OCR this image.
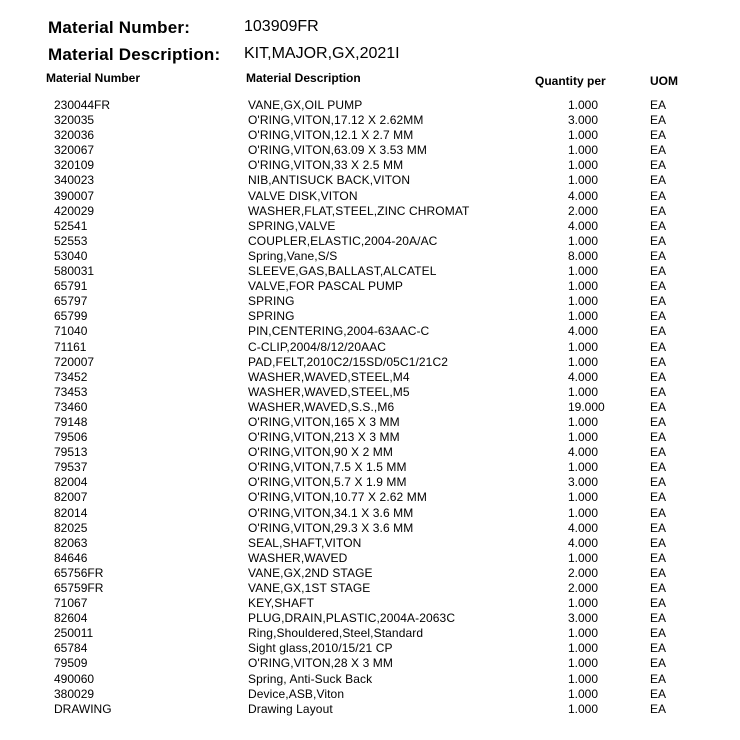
Material Number:	103909FR
Material Description: KIT,MAJOR,GX,2021I
Material Number	Material Description	Quantity per	UOM
230044FR	VANE,GX,OIL PUMP	1.000	EA
320035	O'RING,VITON,17.12 X 2.62MM	3.000	EA
320036	O'RING,VITON,12.1 X 2.7 MM	1.000	EA
320067	O'RING,VITON,63.09 X 3.53 MM	1.000	EA
320109	O'RING,VITON,33 X 2.5 MM	1.000	EA
340023	NIB,ANTISUCK BACK,VITON	1.000	EA
390007	VALVE DISK,VITON	4.000	EA
420029	WASHER,FLAT,STEEL,ZINC CHROMAT	2.000	EA
52541	SPRING,VALVE	4.000	EA
52553	COUPLER,ELASTIC,2004-20A/AC	1.000	EA
53040	Spring,Vane,S/S	8.000	EA
580031	SLEEVE,GAS,BALLAST,ALCATEL	1.000	EA
65791	VALVE,FOR PASCAL PUMP	1.000	EA
65797	SPRING	1.000	EA
65799	SPRING	1.000	EA
71040	PIN,CENTERING,2004-63AAC-C	4.000	EA
71161	C-CLIP,2004/8/12/20AAC	1.000	EA
720007	PAD,FELT,2010C2/15SD/05C1/21C2	1.000	EA
73452	WASHER,WAVED,STEEL,M4	4.000	EA
73453	WASHER,WAVED,STEEL,M5	1.000	EA
73460	WASHER,WAVED,S.S.,M6	19.000	EA
79148	O'RING,VITON,165 X 3 MM	1.000	EA
79506	O'RING,VITON,213 X 3 MM	1.000	EA
79513	O'RING,VITON,90 X 2 MM	4.000	EA
79537	O'RING,VITON,7.5 X 1.5 MM	1.000	EA
82004	O'RING,VITON,5.7 X 1.9 MM	3.000	EA
82007	O'RING,VITON,10.77 X 2.62 MM	1.000	EA
82014	O'RING,VITON,34.1 X 3.6 MM	1.000	EA
82025	O'RING,VITON,29.3 X 3.6 MM	4.000	EA
82063	SEAL,SHAFT,VITON	4.000	EA
84646	WASHER,WAVED	1.000	EA
65756FR	VANE,GX,2ND STAGE	2.000	EA
65759FR	VANE,GX,1ST STAGE	2.000	EA
71067	KEY,SHAFT	1.000	EA
82604	PLUG,DRAIN,PLASTIC,2004A-2063C	3.000	EA
250011	Ring,Shouldered,Steel,Standard	1.000	EA
65784	Sight glass,2010/15/21 CP	1.000	EA
79509	O'RING,VITON,28 X 3 MM	1.000	EA
490060	Spring, Anti-Suck Back	1.000	EA
380029	Device,ASB,Viton	1.000	EA
DRAWING	Drawing Layout	1.000	EA
